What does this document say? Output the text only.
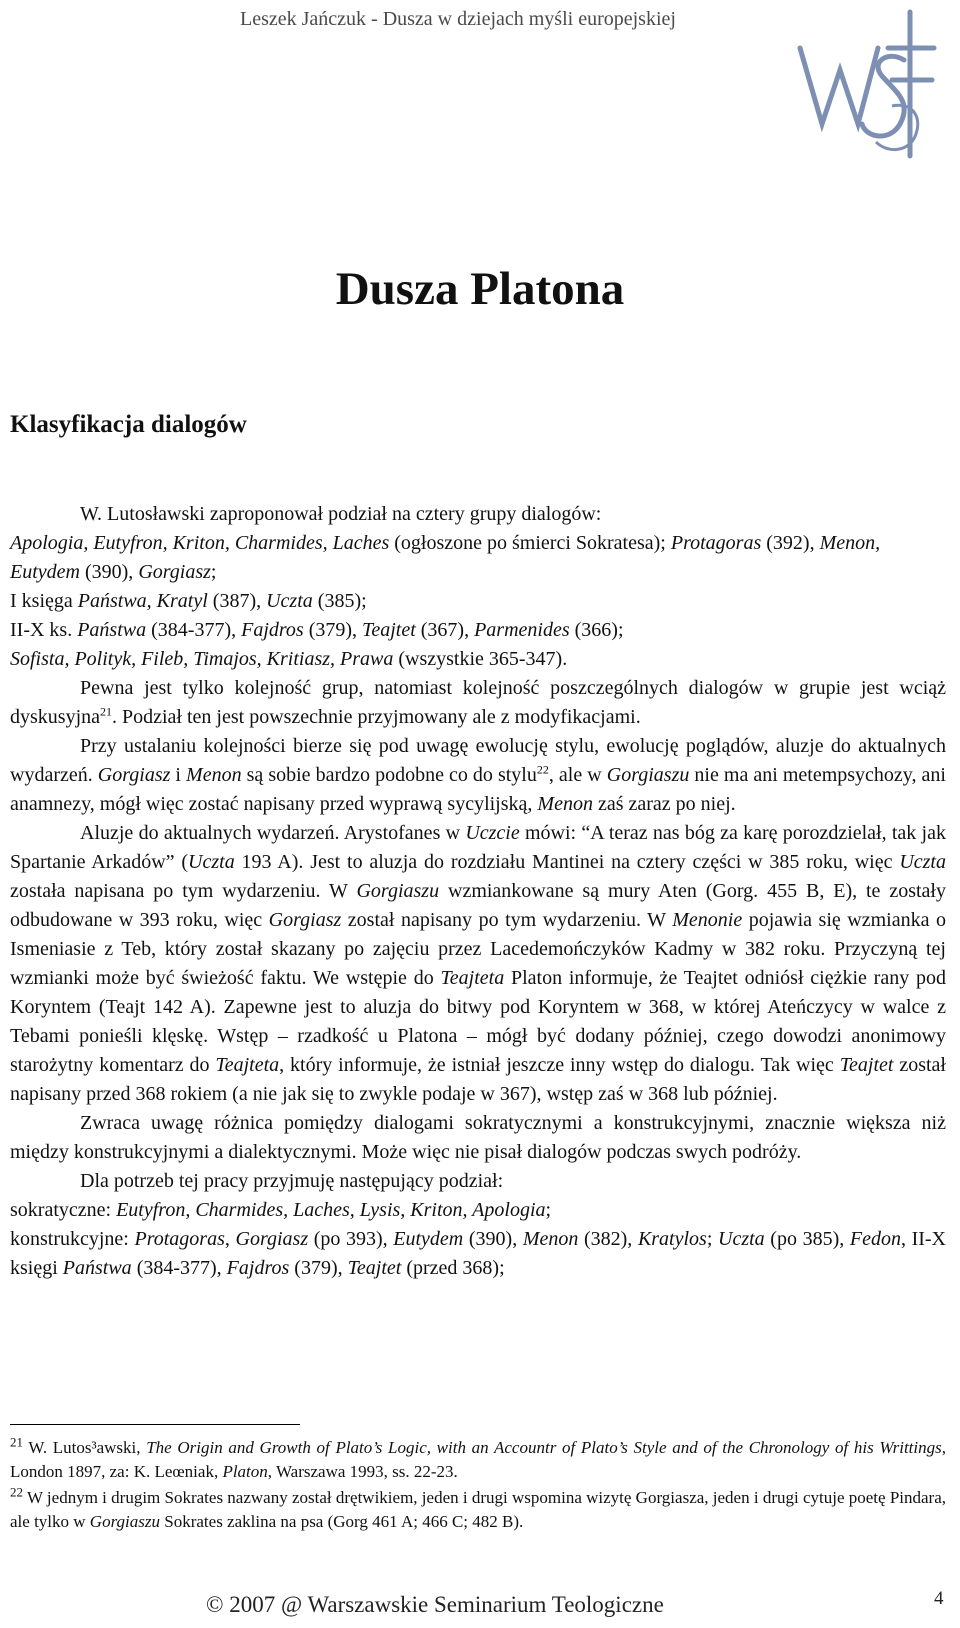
Leszek Jańczuk - Dusza w dziejach myśli europejskiej
Dusza Platona
Klasyfikacja dialogów

W. Lutosławski zaproponował podział na cztery grupy dialogów:

Apologia, Eutyfron, Kriton, Charmides, Laches (ogłoszone po śmierci Sokratesa); Protagoras (392), Menon, Eutydem (390), Gorgiasz;

I księga Państwa, Kratyl (387), Uczta (385);

II-X ks. Państwa (384-377), Fajdros (379), Teajtet (367), Parmenides (366);

Sofista, Polityk, Fileb, Timajos, Kritiasz, Prawa (wszystkie 365-347).

Pewna jest tylko kolejność grup, natomiast kolejność poszczególnych dialogów w grupie jest wciąż dyskusyjna$^{21}$. Podział ten jest powszechnie przyjmowany ale z modyfikacjami.

Przy ustalaniu kolejności bierze się pod uwagę ewolucję stylu, ewolucję poglądów, aluzje do aktualnych wydarzeń. Gorgiasz i Menon są sobie bardzo podobne co do stylu$^{22}$, ale w Gorgiaszu nie ma ani metempsychozy, ani anamnezy, mógł więc zostać napisany przed wyprawą sycylijską, Menon zaś zaraz po niej.

Aluzje do aktualnych wydarzeń. Arystofanes w Uczcie mówi: “A teraz nas bóg za karę porozdzielał, tak jak Spartanie Arkadów” (Uczta 193 A). Jest to aluzja do rozdziału Mantinei na cztery części w 385 roku, więc Uczta została napisana po tym wydarzeniu. W Gorgiaszu wzmiankowane są mury Aten (Gorg. 455 B, E), te zostały odbudowane w 393 roku, więc Gorgiasz został napisany po tym wydarzeniu. W Menonie pojawia się wzmianka o Ismeniasie z Teb, który został skazany po zajęciu przez Lacedemończyków Kadmy w 382 roku. Przyczyną tej wzmianki może być świeżość faktu. We wstępie do Teajteta Platon informuje, że Teajtet odniósł ciężkie rany pod Koryntem (Teajt 142 A). Zapewne jest to aluzja do bitwy pod Koryntem w 368, w której Ateńczycy w walce z Tebami ponieśli klęskę. Wstęp – rzadkość u Platona – mógł być dodany później, czego dowodzi anonimowy starożytny komentarz do Teajteta, który informuje, że istniał jeszcze inny wstęp do dialogu. Tak więc Teajtet został napisany przed 368 rokiem (a nie jak się to zwykle podaje w 367), wstęp zaś w 368 lub później.

Zwraca uwagę różnica pomiędzy dialogami sokratycznymi a konstrukcyjnymi, znacznie większa niż między konstrukcyjnymi a dialektycznymi. Może więc nie pisał dialogów podczas swych podróży.

Dla potrzeb tej pracy przyjmuję następujący podział:

sokratyczne: Eutyfron, Charmides, Laches, Lysis, Kriton, Apologia;

konstrukcyjne: Protagoras, Gorgiasz (po 393), Eutydem (390), Menon (382), Kratylos; Uczta (po 385), Fedon, II-X księgi Państwa (384-377), Fajdros (379), Teajtet (przed 368);

$^{21}$ W. Lutos³awski, The Origin and Growth of Plato’s Logic, with an Accountr of Plato’s Style and of the Chronology of his Writtings, London 1897, za: K. Leœniak, Platon, Warszawa 1993, ss. 22-23.
$^{22}$ W jednym i drugim Sokrates nazwany został drętwikiem, jeden i drugi wspomina wizytę Gorgiasza, jeden i drugi cytuje poetę Pindara, ale tylko w Gorgiaszu Sokrates zaklina na psa (Gorg 461 A; 466 C; 482 B).
© 2007 @ Warszawskie Seminarium Teologiczne	4
